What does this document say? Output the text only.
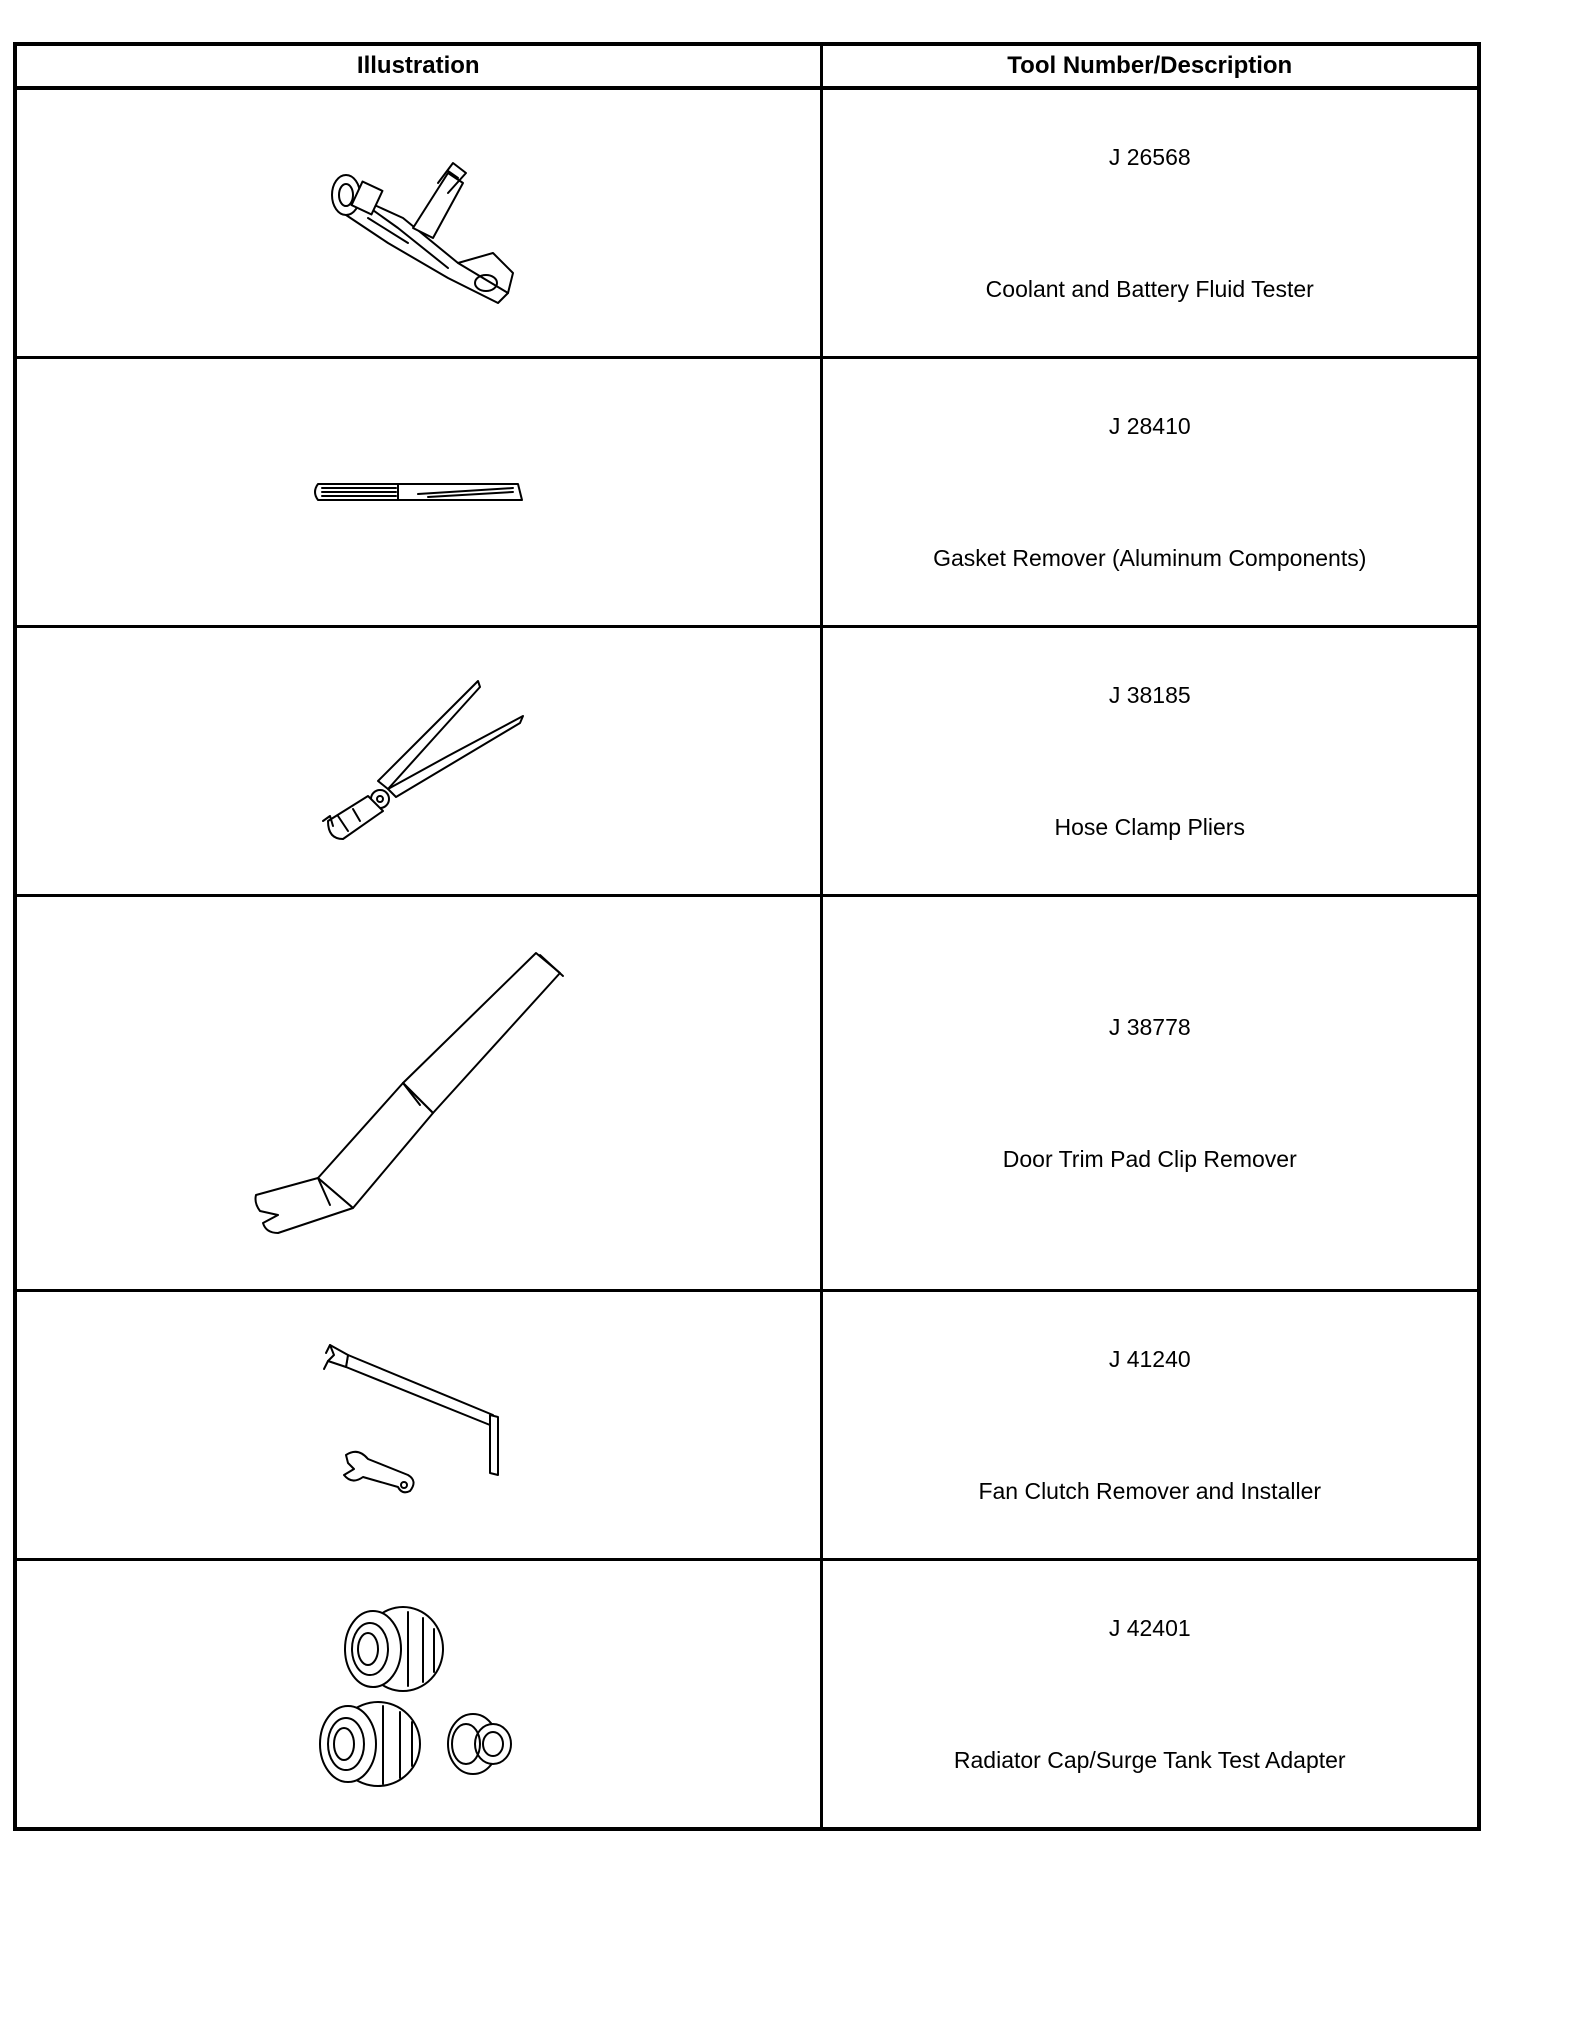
Illustration	Tool Number/Description

J 26568
Coolant and Battery Fluid Tester

J 28410
Gasket Remover (Aluminum Components)

J 38185
Hose Clamp Pliers

J 38778
Door Trim Pad Clip Remover

J 41240
Fan Clutch Remover and Installer

J 42401
Radiator Cap/Surge Tank Test Adapter
